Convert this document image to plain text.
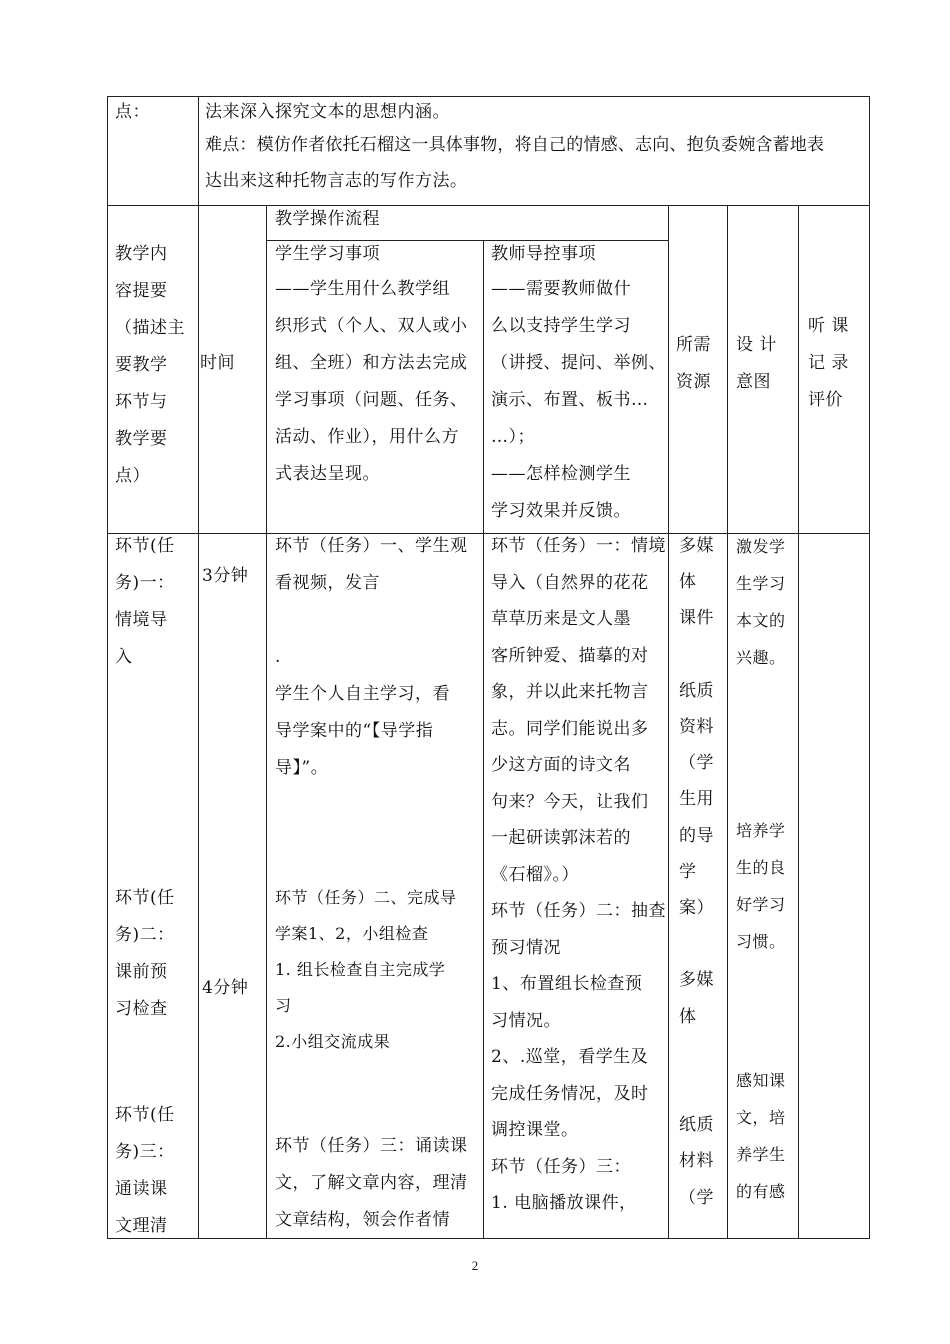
点：	法来深入探究文本的思想内涵。
难点：模仿作者依托石榴这一具体事物，将自己的情感、志向、抱负委婉含蓄地表
达出来这种托物言志的写作方法。
教学内
容提要
（描述主
要教学
环节与
教学要
点）
时间
教学操作流程
学生学习事项
——学生用什么教学组
织形式（个人、双人或小
组、全班）和方法去完成
学习事项（问题、任务、
活动、作业），用什么方
式表达呈现。
教师导控事项
——需要教师做什
么以支持学生学习
（讲授、提问、举例、
演示、布置、板书…
…）；
——怎样检测学生
学习效果并反馈。
所需
资源
设 计
意图
听 课
记 录
评价
环节(任
务)一：
情境导
入
环节(任
务)二：
课前预
习检查
环节(任
务)三：
通读课
文理清
3分钟
4分钟
环节（任务）一、学生观
看视频，发言

.
学生个人自主学习，看
导学案中的“【导学指
导】”。
环节（任务）二、完成导
学案1、2，小组检查
1. 组长检查自主完成学
习
2.小组交流成果
环节（任务）三：诵读课
文，了解文章内容，理清
文章结构，领会作者情
环节（任务）一：情境
导入（自然界的花花
草草历来是文人墨
客所钟爱、描摹的对
象，并以此来托物言
志。同学们能说出多
少这方面的诗文名
句来？今天，让我们
一起研读郭沫若的
《石榴》。）
环节（任务）二：抽查
预习情况
1、布置组长检查预
习情况。
2、.巡堂，看学生及
完成任务情况，及时
调控课堂。
环节（任务）三：
1. 电脑播放课件，
多媒
体
课件

纸质
资料
（学
生用
的导
学
案）

多媒
体

纸质
材料
（学
激发学
生学习
本文的
兴趣。
培养学
生的良
好学习
习惯。
感知课
文，培
养学生
的有感
2
